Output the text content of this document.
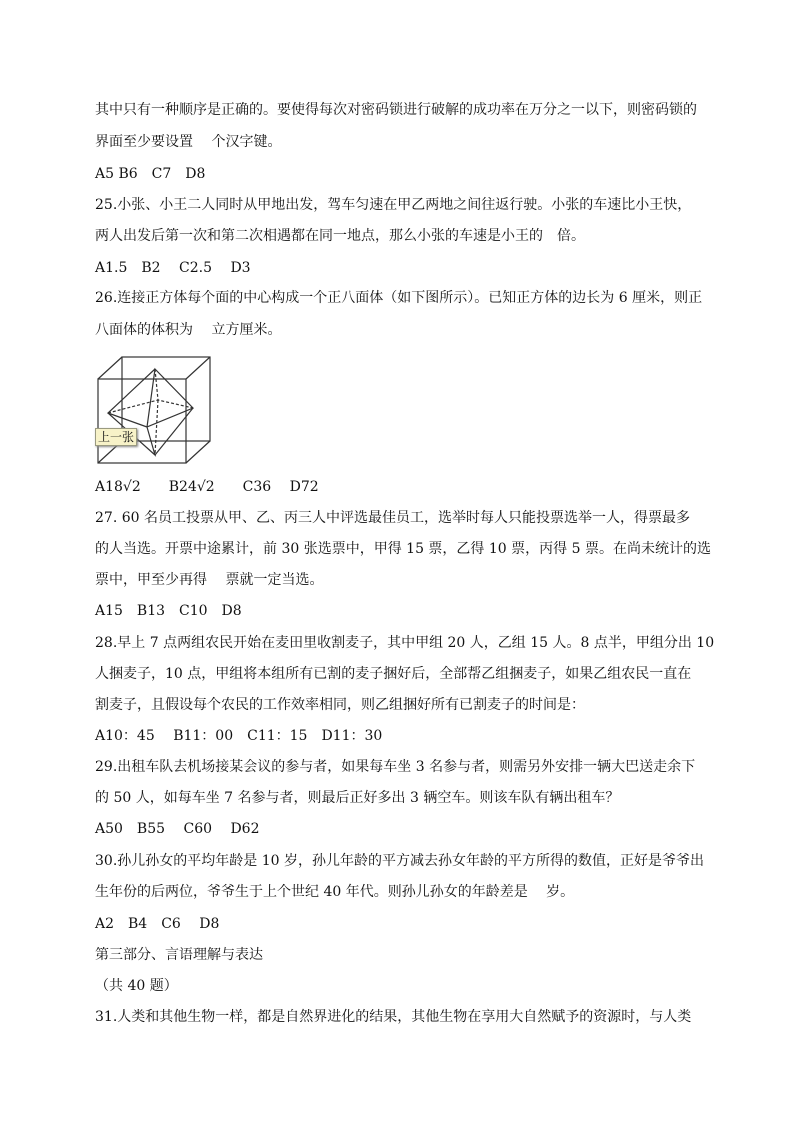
上一张
其中只有一种顺序是正确的。要使得每次对密码锁进行破解的成功率在万分之一以下，则密码锁的
界面至少要设置　 个汉字键。
A5 B6　C7　D8
25.小张、小王二人同时从甲地出发，驾车匀速在甲乙两地之间往返行驶。小张的车速比小王快，
两人出发后第一次和第二次相遇都在同一地点，那么小张的车速是小王的　倍。
A1.5　B2　 C2.5　 D3
26.连接正方体每个面的中心构成一个正八面体（如下图所示）。已知正方体的边长为 6 厘米，则正
八面体的体积为　 立方厘米。
A18√2　　B24√2　　C36　 D72
27. 60 名员工投票从甲、乙、丙三人中评选最佳员工，选举时每人只能投票选举一人，得票最多
的人当选。开票中途累计，前 30 张选票中，甲得 15 票，乙得 10 票，丙得 5 票。在尚未统计的选
票中，甲至少再得　 票就一定当选。
A15　B13　C10　D8
28.早上 7 点两组农民开始在麦田里收割麦子，其中甲组 20 人，乙组 15 人。8 点半，甲组分出 10
人捆麦子，10 点，甲组将本组所有已割的麦子捆好后，全部帮乙组捆麦子，如果乙组农民一直在
割麦子，且假设每个农民的工作效率相同，则乙组捆好所有已割麦子的时间是：
A10：45　 B11：00　C11：15　D11：30
29.出租车队去机场接某会议的参与者，如果每车坐 3 名参与者，则需另外安排一辆大巴送走余下
的 50 人，如每车坐 7 名参与者，则最后正好多出 3 辆空车。则该车队有辆出租车？
A50　B55　 C60　 D62
30.孙儿孙女的平均年龄是 10 岁，孙儿年龄的平方减去孙女年龄的平方所得的数值，正好是爷爷出
生年份的后两位，爷爷生于上个世纪 40 年代。则孙儿孙女的年龄差是　 岁。
A2　B4　C6　 D8
第三部分、言语理解与表达
（共 40 题）
31.人类和其他生物一样，都是自然界进化的结果，其他生物在享用大自然赋予的资源时，与人类
